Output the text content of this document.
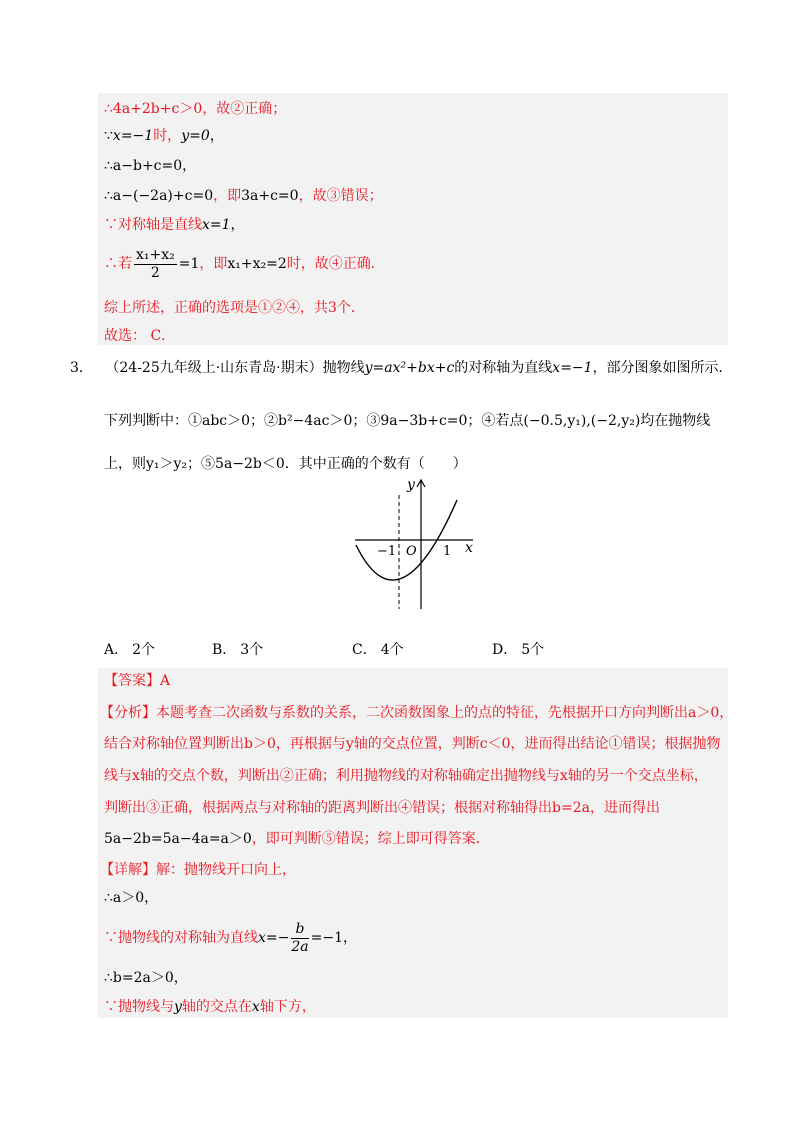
∴4a+2b+c＞0，故②正确；
∵x=−1时，y=0，
∴a−b+c=0，
∴a−(−2a)+c=0，即3a+c=0，故③错误；
∵对称轴是直线x=1，
∴若 $\frac{\text{x₁+x₂}}{2} =1$，即x₁+x₂=2时，故④正确．
综上所述，正确的选项是①②④，共3个．
故选： C．
3． （24-25九年级上·山东青岛·期末）抛物线y=ax²+bx+c的对称轴为直线x=−1，部分图象如图所示．
下列判断中：①abc＞0；②b²−4ac＞0；③9a−3b+c=0；④若点(−0.5,y₁),(−2,y₂)均在抛物线
上，则y₁＞y₂；⑤5a−2b＜0．其中正确的个数有（　　）
x
y
O
−1	1
A． 2个	B． 3个	C． 4个	D． 5个
【答案】A
【分析】本题考查二次函数与系数的关系，二次函数图象上的点的特征，先根据开口方向判断出a＞0，
结合对称轴位置判断出b＞0，再根据与y轴的交点位置，判断c＜0，进而得出结论①错误；根据抛物
线与x轴的交点个数，判断出②正确；利用抛物线的对称轴确定出抛物线与x轴的另一个交点坐标，
判断出③正确，根据两点与对称轴的距离判断出④错误；根据对称轴得出b=2a，进而得出
5a−2b=5a−4a=a＞0，即可判断⑤错误；综上即可得答案．
【详解】解：抛物线开口向上，
∴a＞0，
∵抛物线的对称轴为直线$x=- \frac{b}{2a} =-1$，
∴b=2a＞0，
∵抛物线与y轴的交点在x轴下方，
